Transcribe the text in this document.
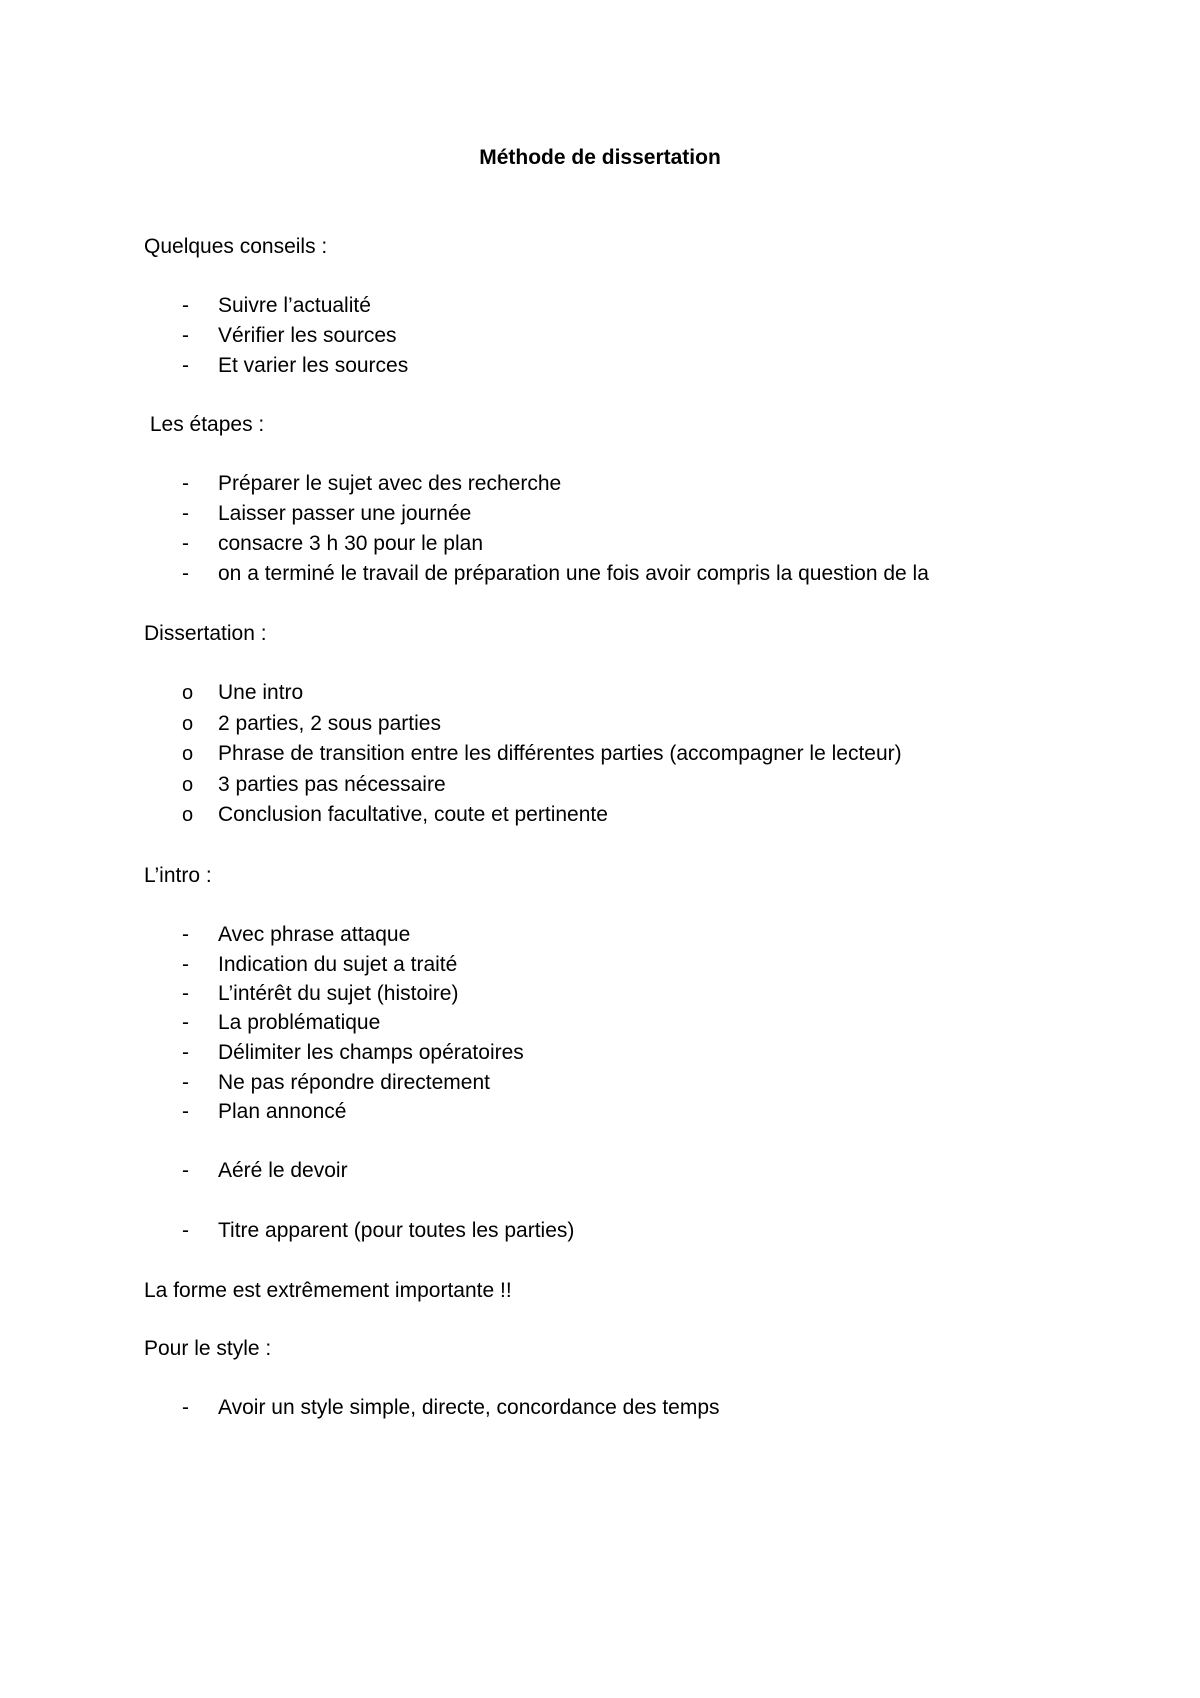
Méthode de dissertation
Quelques conseils :
- Suivre l’actualité
- Vérifier les sources
- Et varier les sources
Les étapes :
- Préparer le sujet avec des recherche
- Laisser passer une journée
- consacre 3 h 30 pour le plan
- on a terminé le travail de préparation une fois avoir compris la question de la
Dissertation :
o Une intro
o 2 parties, 2 sous parties
o Phrase de transition entre les différentes parties (accompagner le lecteur)
o 3 parties pas nécessaire
o Conclusion facultative, coute et pertinente
L’intro :
- Avec phrase attaque
- Indication du sujet a traité
- L’intérêt du sujet (histoire)
- La problématique
- Délimiter les champs opératoires
- Ne pas répondre directement
- Plan annoncé
- Aéré le devoir
- Titre apparent (pour toutes les parties)
La forme est extrêmement importante !!
Pour le style :
- Avoir un style simple, directe, concordance des temps
